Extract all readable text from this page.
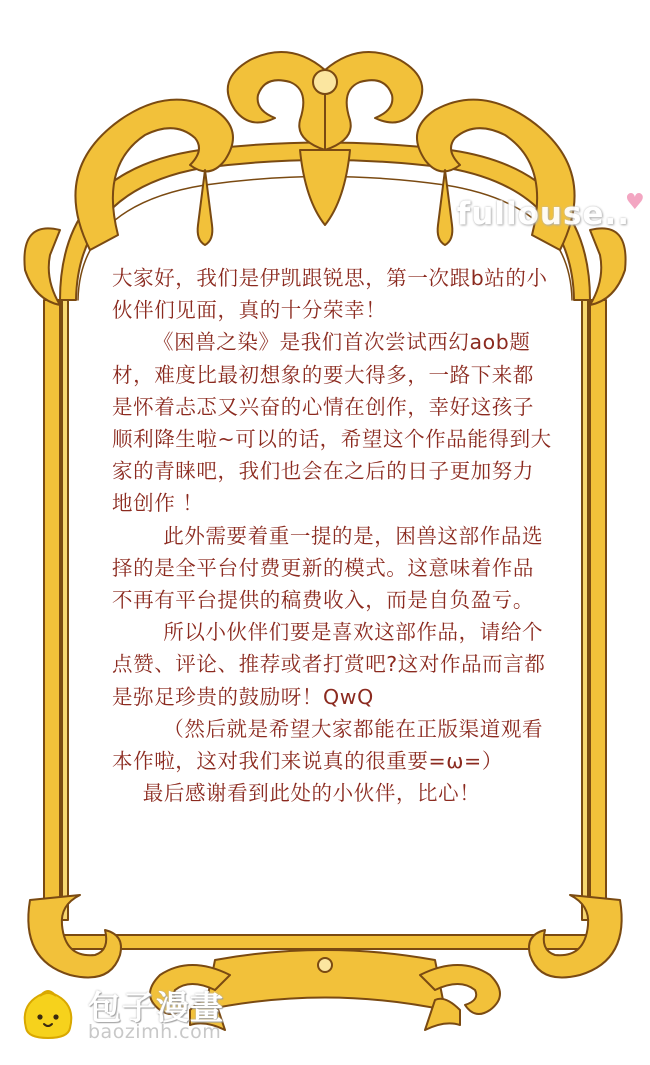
fullouse..
♥

大家好，我们是伊凯跟锐思，第一次跟b站的小伙伴们见面，真的十分荣幸！

《困兽之染》是我们首次尝试西幻aob题材，难度比最初想象的要大得多，一路下来都是怀着忐忑又兴奋的心情在创作，幸好这孩子顺利降生啦~可以的话，希望这个作品能得到大家的青睐吧，我们也会在之后的日子更加努力地创作 ！

此外需要着重一提的是，困兽这部作品选择的是全平台付费更新的模式。这意味着作品不再有平台提供的稿费收入，而是自负盈亏。

所以小伙伴们要是喜欢这部作品，请给个点赞、评论、推荐或者打赏吧?这对作品而言都是弥足珍贵的鼓励呀！QwQ

（然后就是希望大家都能在正版渠道观看本作啦，这对我们来说真的很重要=ω=）

最后感谢看到此处的小伙伴，比心！

包子漫畫
baozimh.com
